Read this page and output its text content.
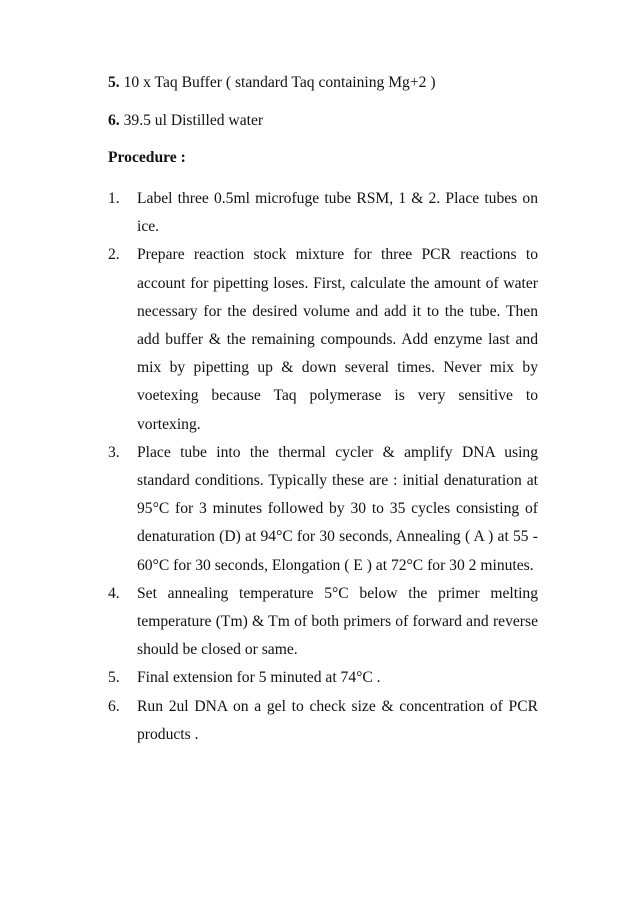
5. 10 x Taq Buffer ( standard Taq containing Mg+2 )
6. 39.5 ul Distilled water
Procedure :
1. Label three 0.5ml microfuge tube RSM, 1 & 2. Place tubes on ice.
2. Prepare reaction stock mixture for three PCR reactions to account for pipetting loses. First, calculate the amount of water necessary for the desired volume and add it to the tube. Then add buffer & the remaining compounds. Add enzyme last and mix by pipetting up & down several times. Never mix by voetexing because Taq polymerase is very sensitive to vortexing.
3. Place tube into the thermal cycler & amplify DNA using standard conditions. Typically these are : initial denaturation at 95°C for 3 minutes followed by 30 to 35 cycles consisting of denaturation (D) at 94°C for 30 seconds, Annealing ( A ) at 55 - 60°C for 30 seconds, Elongation ( E ) at 72°C for 30 2 minutes.
4. Set annealing temperature 5°C below the primer melting temperature (Tm) & Tm of both primers of forward and reverse should be closed or same.
5. Final extension for 5 minuted at 74°C .
6. Run 2ul DNA on a gel to check size & concentration of PCR products .
